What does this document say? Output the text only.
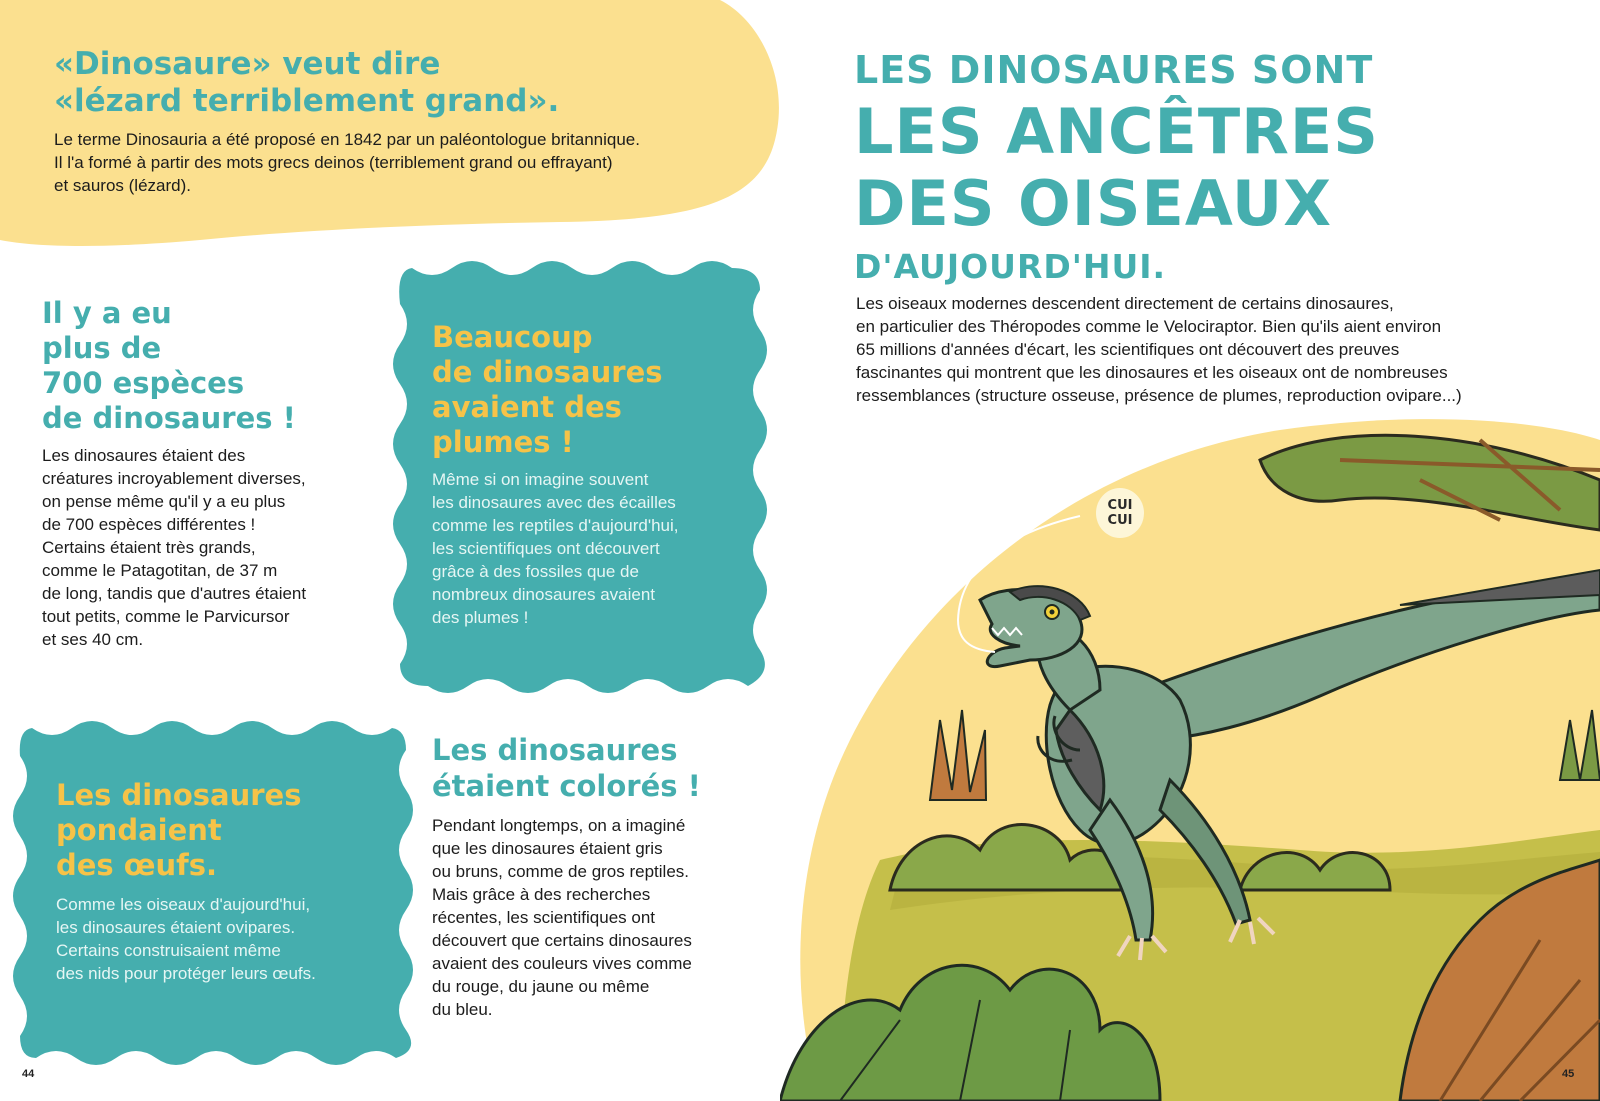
CUI
CUI
«Dinosaure» veut dire
«lézard terriblement grand».
Le terme Dinosauria a été proposé en 1842 par un paléontologue britannique.
Il l'a formé à partir des mots grecs deinos (terriblement grand ou effrayant)
et sauros (lézard).
Il y a eu
plus de
700 espèces
de dinosaures !
Les dinosaures étaient des
créatures incroyablement diverses,
on pense même qu'il y a eu plus
de 700 espèces différentes !
Certains étaient très grands,
comme le Patagotitan, de 37 m
de long, tandis que d'autres étaient
tout petits, comme le Parvicursor
et ses 40 cm.
Beaucoup
de dinosaures
avaient des
plumes !
Même si on imagine souvent
les dinosaures avec des écailles
comme les reptiles d'aujourd'hui,
les scientifiques ont découvert
grâce à des fossiles que de
nombreux dinosaures avaient
des plumes !
Les dinosaures
pondaient
des œufs.
Comme les oiseaux d'aujourd'hui,
les dinosaures étaient ovipares.
Certains construisaient même
des nids pour protéger leurs œufs.
Les dinosaures
étaient colorés !
Pendant longtemps, on a imaginé
que les dinosaures étaient gris
ou bruns, comme de gros reptiles.
Mais grâce à des recherches
récentes, les scientifiques ont
découvert que certains dinosaures
avaient des couleurs vives comme
du rouge, du jaune ou même
du bleu.
44
LES DINOSAURES SONT
LES ANCÊTRES
DES OISEAUX
D'AUJOURD'HUI.
Les oiseaux modernes descendent directement de certains dinosaures,
en particulier des Théropodes comme le Velociraptor. Bien qu'ils aient environ
65 millions d'années d'écart, les scientifiques ont découvert des preuves
fascinantes qui montrent que les dinosaures et les oiseaux ont de nombreuses
ressemblances (structure osseuse, présence de plumes, reproduction ovipare...)
45
